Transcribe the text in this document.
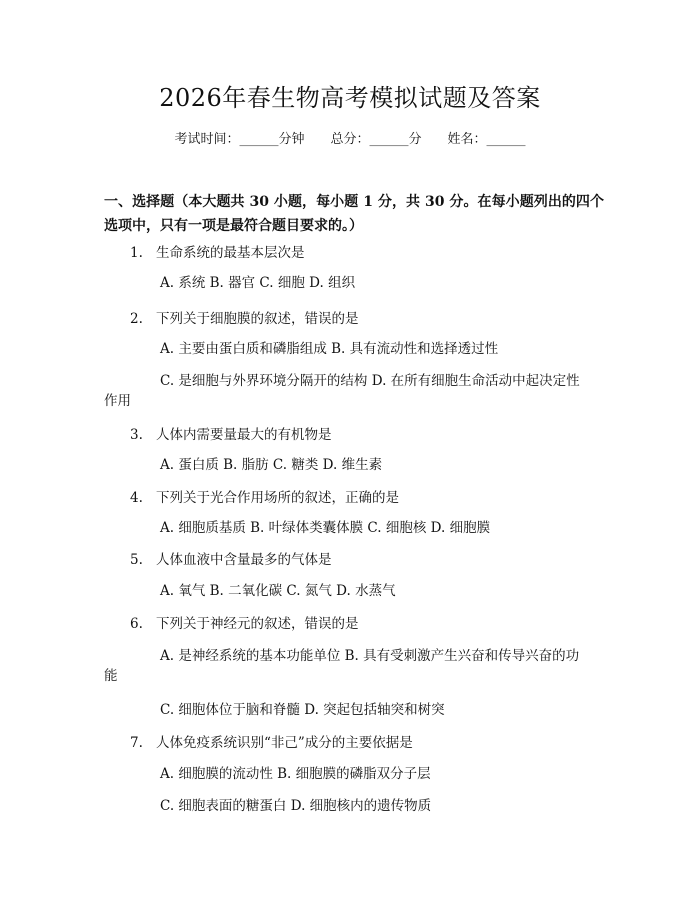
2026年春生物高考模拟试题及答案
考试时间：______分钟 总分：______分 姓名：______
一、选择题（本大题共 30 小题，每小题 1 分，共 30 分。在每小题列出的四个选项中，只有一项是最符合题目要求的。）
1. 生命系统的最基本层次是
A. 系统 B. 器官 C. 细胞 D. 组织
2. 下列关于细胞膜的叙述，错误的是
A. 主要由蛋白质和磷脂组成 B. 具有流动性和选择透过性
C. 是细胞与外界环境分隔开的结构 D. 在所有细胞生命活动中起决定性
作用
3. 人体内需要量最大的有机物是
A. 蛋白质 B. 脂肪 C. 糖类 D. 维生素
4. 下列关于光合作用场所的叙述，正确的是
A. 细胞质基质 B. 叶绿体类囊体膜 C. 细胞核 D. 细胞膜
5. 人体血液中含量最多的气体是
A. 氧气 B. 二氧化碳 C. 氮气 D. 水蒸气
6. 下列关于神经元的叙述，错误的是
A. 是神经系统的基本功能单位 B. 具有受刺激产生兴奋和传导兴奋的功
能
C. 细胞体位于脑和脊髓 D. 突起包括轴突和树突
7. 人体免疫系统识别“非己”成分的主要依据是
A. 细胞膜的流动性 B. 细胞膜的磷脂双分子层
C. 细胞表面的糖蛋白 D. 细胞核内的遗传物质
